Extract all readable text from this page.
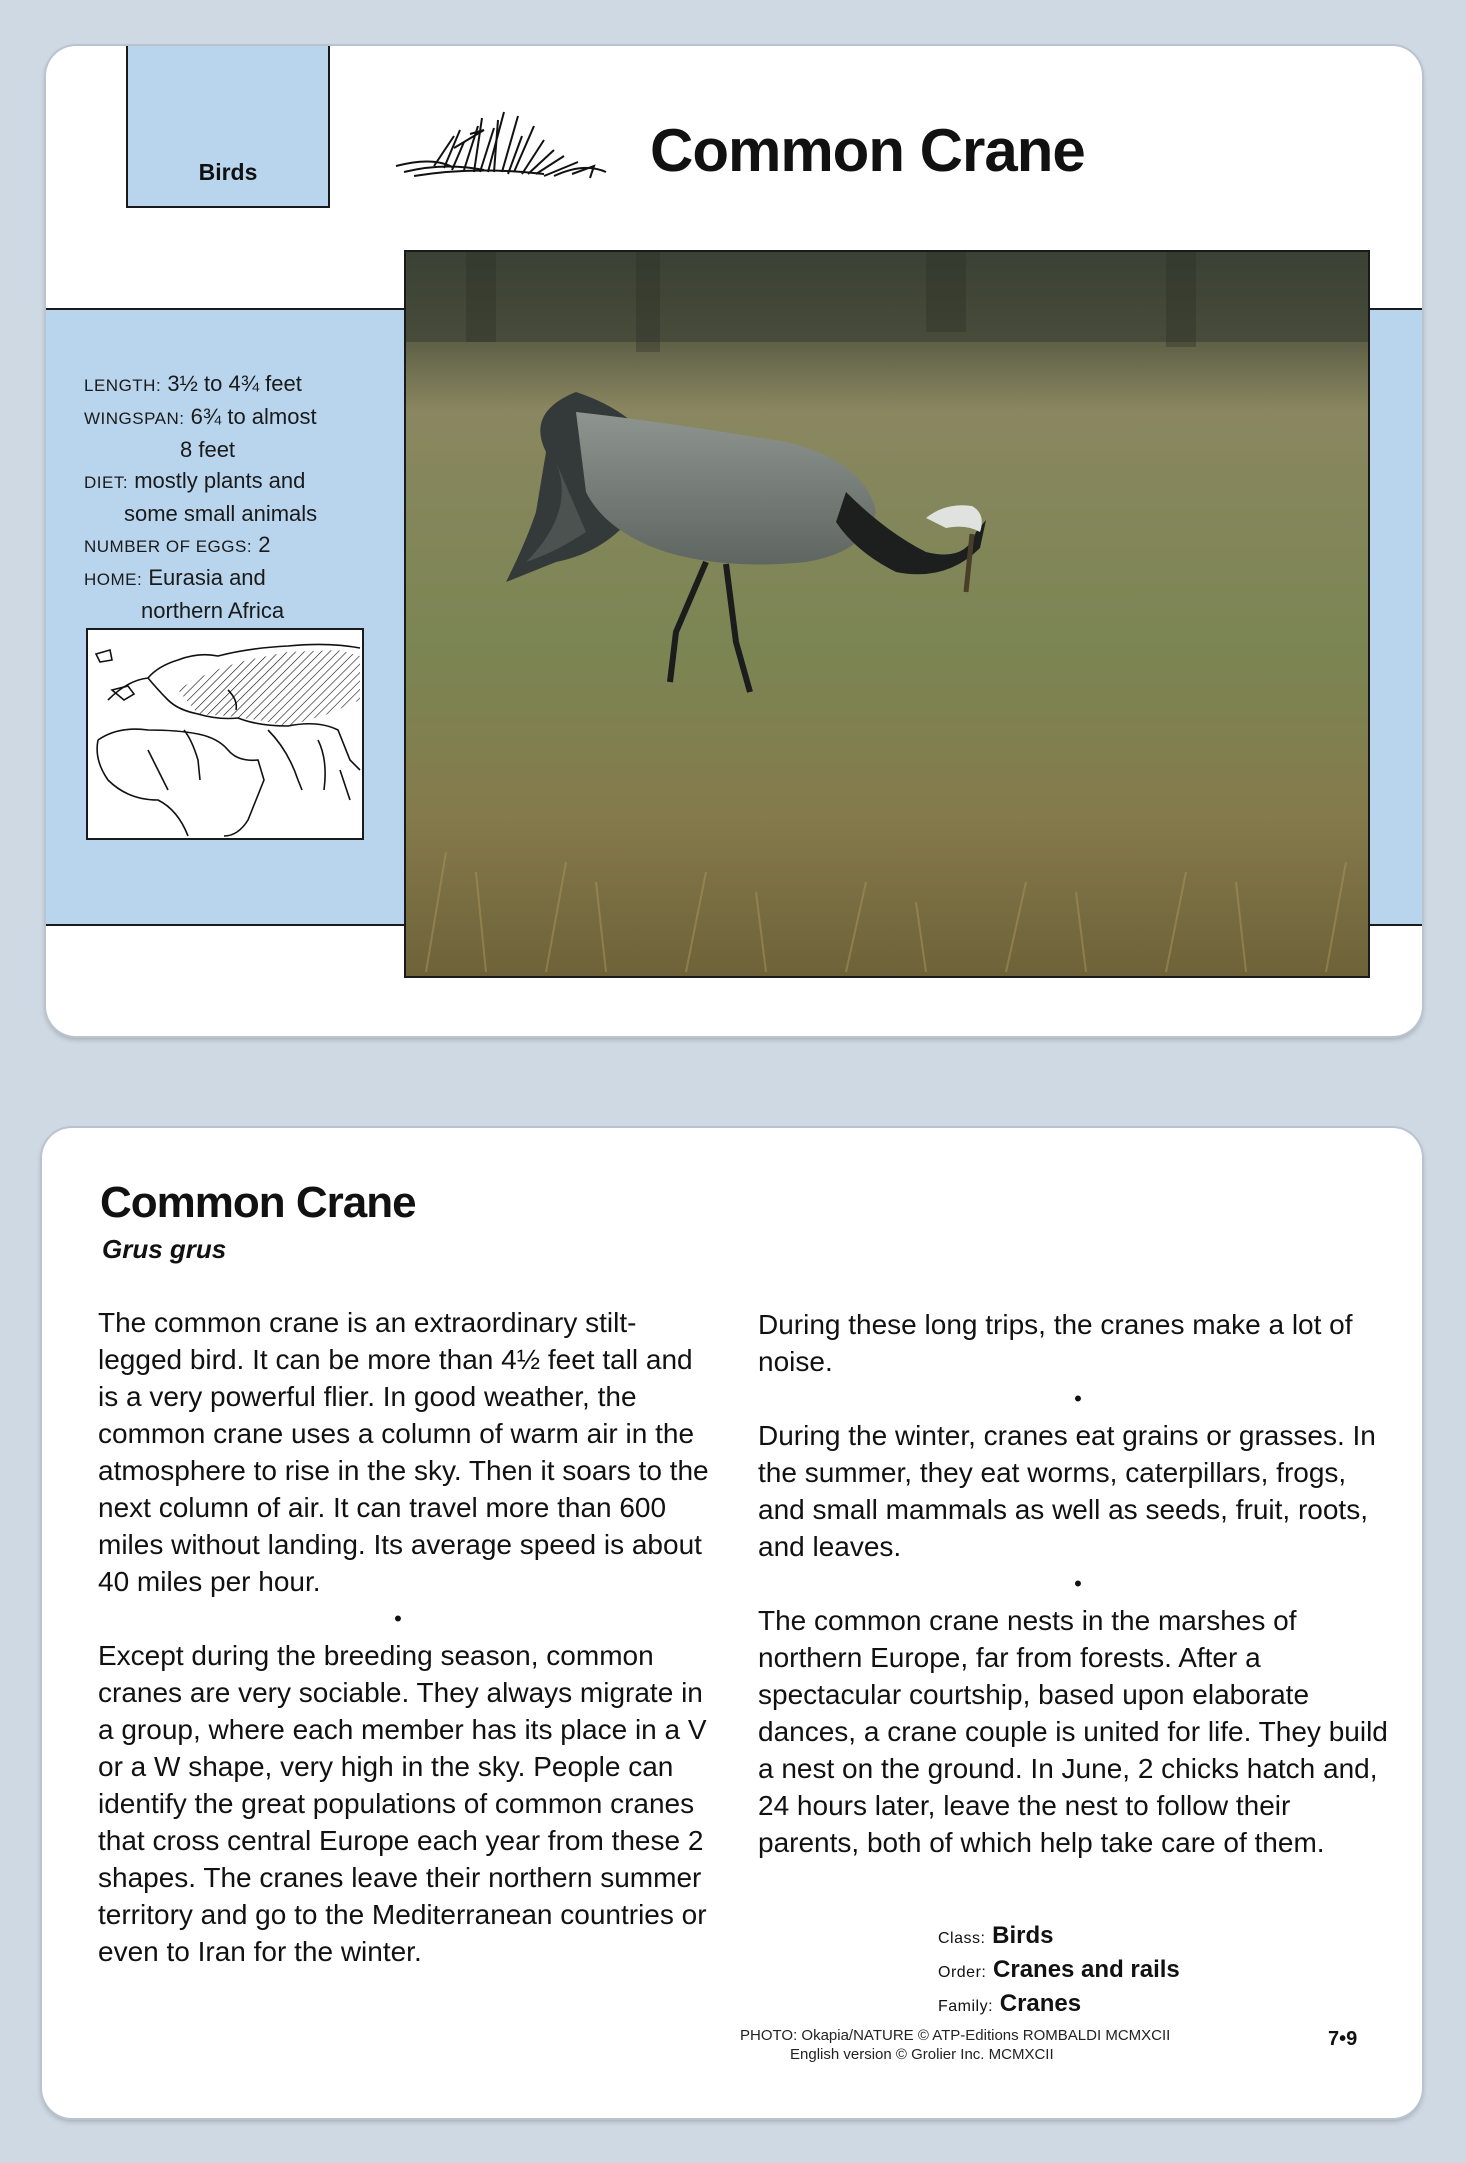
Birds	Common Crane
LENGTH: 3½ to 4¾ feet
WINGSPAN: 6¾ to almost
8 feet
DIET: mostly plants and
some small animals
NUMBER OF EGGS: 2
HOME: Eurasia and
northern Africa
Common Crane
Grus grus

The common crane is an extraordinary stilt-legged bird. It can be more than 4½ feet tall and is a very powerful flier. In good weather, the common crane uses a column of warm air in the atmosphere to rise in the sky. Then it soars to the next column of air. It can travel more than 600 miles without landing. Its average speed is about 40 miles per hour.

•

Except during the breeding season, common cranes are very sociable. They always migrate in a group, where each member has its place in a V or a W shape, very high in the sky. People can identify the great populations of common cranes that cross central Europe each year from these 2 shapes. The cranes leave their northern summer territory and go to the Mediterranean countries or even to Iran for the winter.

During these long trips, the cranes make a lot of noise.

•

During the winter, cranes eat grains or grasses. In the summer, they eat worms, caterpillars, frogs, and small mammals as well as seeds, fruit, roots, and leaves.

•

The common crane nests in the marshes of northern Europe, far from forests. After a spectacular courtship, based upon elaborate dances, a crane couple is united for life. They build a nest on the ground. In June, 2 chicks hatch and, 24 hours later, leave the nest to follow their parents, both of which help take care of them.

Class: Birds
Order: Cranes and rails
Family: Cranes
PHOTO: Okapia/NATURE © ATP-Editions ROMBALDI MCMXCII
English version © Grolier Inc. MCMXCII
7•9
